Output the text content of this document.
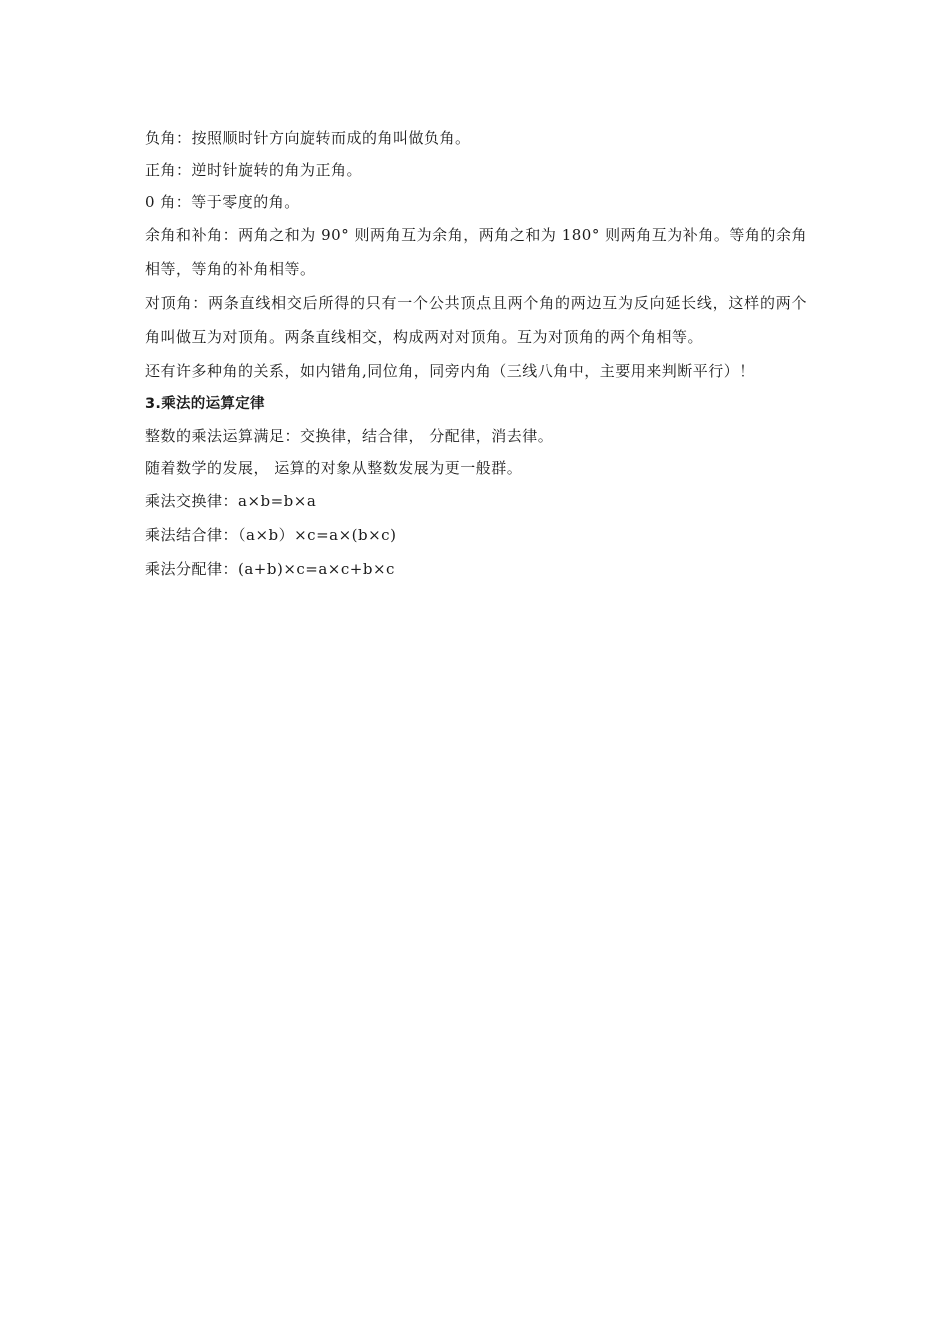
负角：按照顺时针方向旋转而成的角叫做负角。

正角：逆时针旋转的角为正角。

0 角：等于零度的角。

余角和补角：两角之和为 90° 则两角互为余角，两角之和为 180° 则两角互为补角。等角的余角相等，等角的补角相等。

对顶角：两条直线相交后所得的只有一个公共顶点且两个角的两边互为反向延长线，这样的两个角叫做互为对顶角。两条直线相交，构成两对对顶角。互为对顶角的两个角相等。

还有许多种角的关系，如内错角,同位角，同旁内角（三线八角中，主要用来判断平行）！

3.乘法的运算定律

整数的乘法运算满足：交换律，结合律， 分配律，消去律。

随着数学的发展， 运算的对象从整数发展为更一般群。

乘法交换律：a×b=b×a

乘法结合律：（a×b）×c=a×(b×c)

乘法分配律：(a+b)×c=a×c+b×c
